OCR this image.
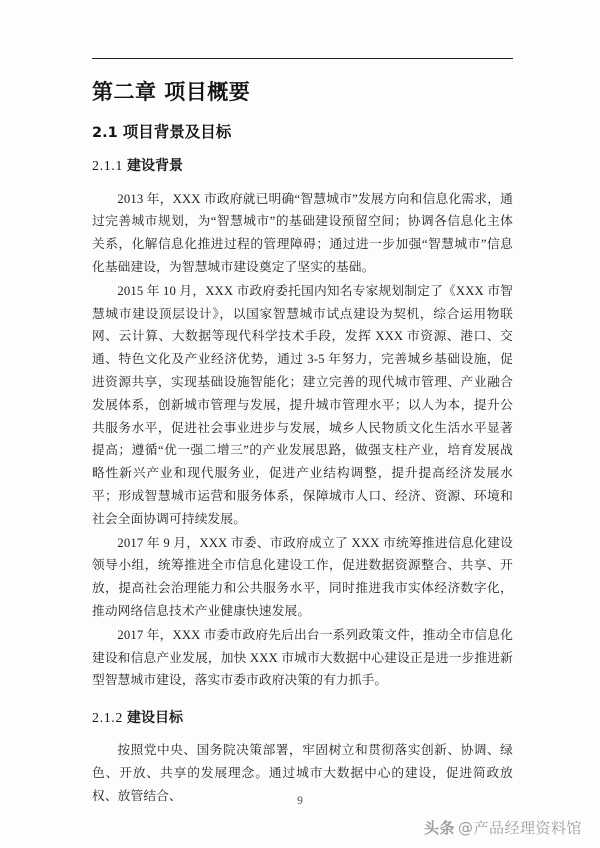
第二章 项目概要
2.1 项目背景及目标
2.1.1 建设背景

2013 年，XXX 市政府就已明确“智慧城市”发展方向和信息化需求，通过完善城市规划，为“智慧城市”的基础建设预留空间；协调各信息化主体关系，化解信息化推进过程的管理障碍；通过进一步加强“智慧城市”信息化基础建设，为智慧城市建设奠定了坚实的基础。

2015 年 10 月，XXX 市政府委托国内知名专家规划制定了《XXX 市智慧城市建设顶层设计》，以国家智慧城市试点建设为契机，综合运用物联网、云计算、大数据等现代科学技术手段，发挥 XXX 市资源、港口、交通、特色文化及产业经济优势，通过 3-5 年努力，完善城乡基础设施，促进资源共享，实现基础设施智能化；建立完善的现代城市管理、产业融合发展体系，创新城市管理与发展，提升城市管理水平；以人为本，提升公共服务水平，促进社会事业进步与发展，城乡人民物质文化生活水平显著提高；遵循“优一强二增三”的产业发展思路，做强支柱产业，培育发展战略性新兴产业和现代服务业，促进产业结构调整，提升提高经济发展水平；形成智慧城市运营和服务体系，保障城市人口、经济、资源、环境和社会全面协调可持续发展。

2017 年 9 月，XXX 市委、市政府成立了 XXX 市统筹推进信息化建设领导小组，统筹推进全市信息化建设工作，促进数据资源整合、共享、开放，提高社会治理能力和公共服务水平，同时推进我市实体经济数字化，推动网络信息技术产业健康快速发展。

2017 年，XXX 市委市政府先后出台一系列政策文件，推动全市信息化建设和信息产业发展，加快 XXX 市城市大数据中心建设正是进一步推进新型智慧城市建设，落实市委市政府决策的有力抓手。

2.1.2 建设目标

按照党中央、国务院决策部署，牢固树立和贯彻落实创新、协调、绿色、开放、共享的发展理念。通过城市大数据中心的建设，促进简政放权、放管结合、	9
头条 @产品经理资料馆
